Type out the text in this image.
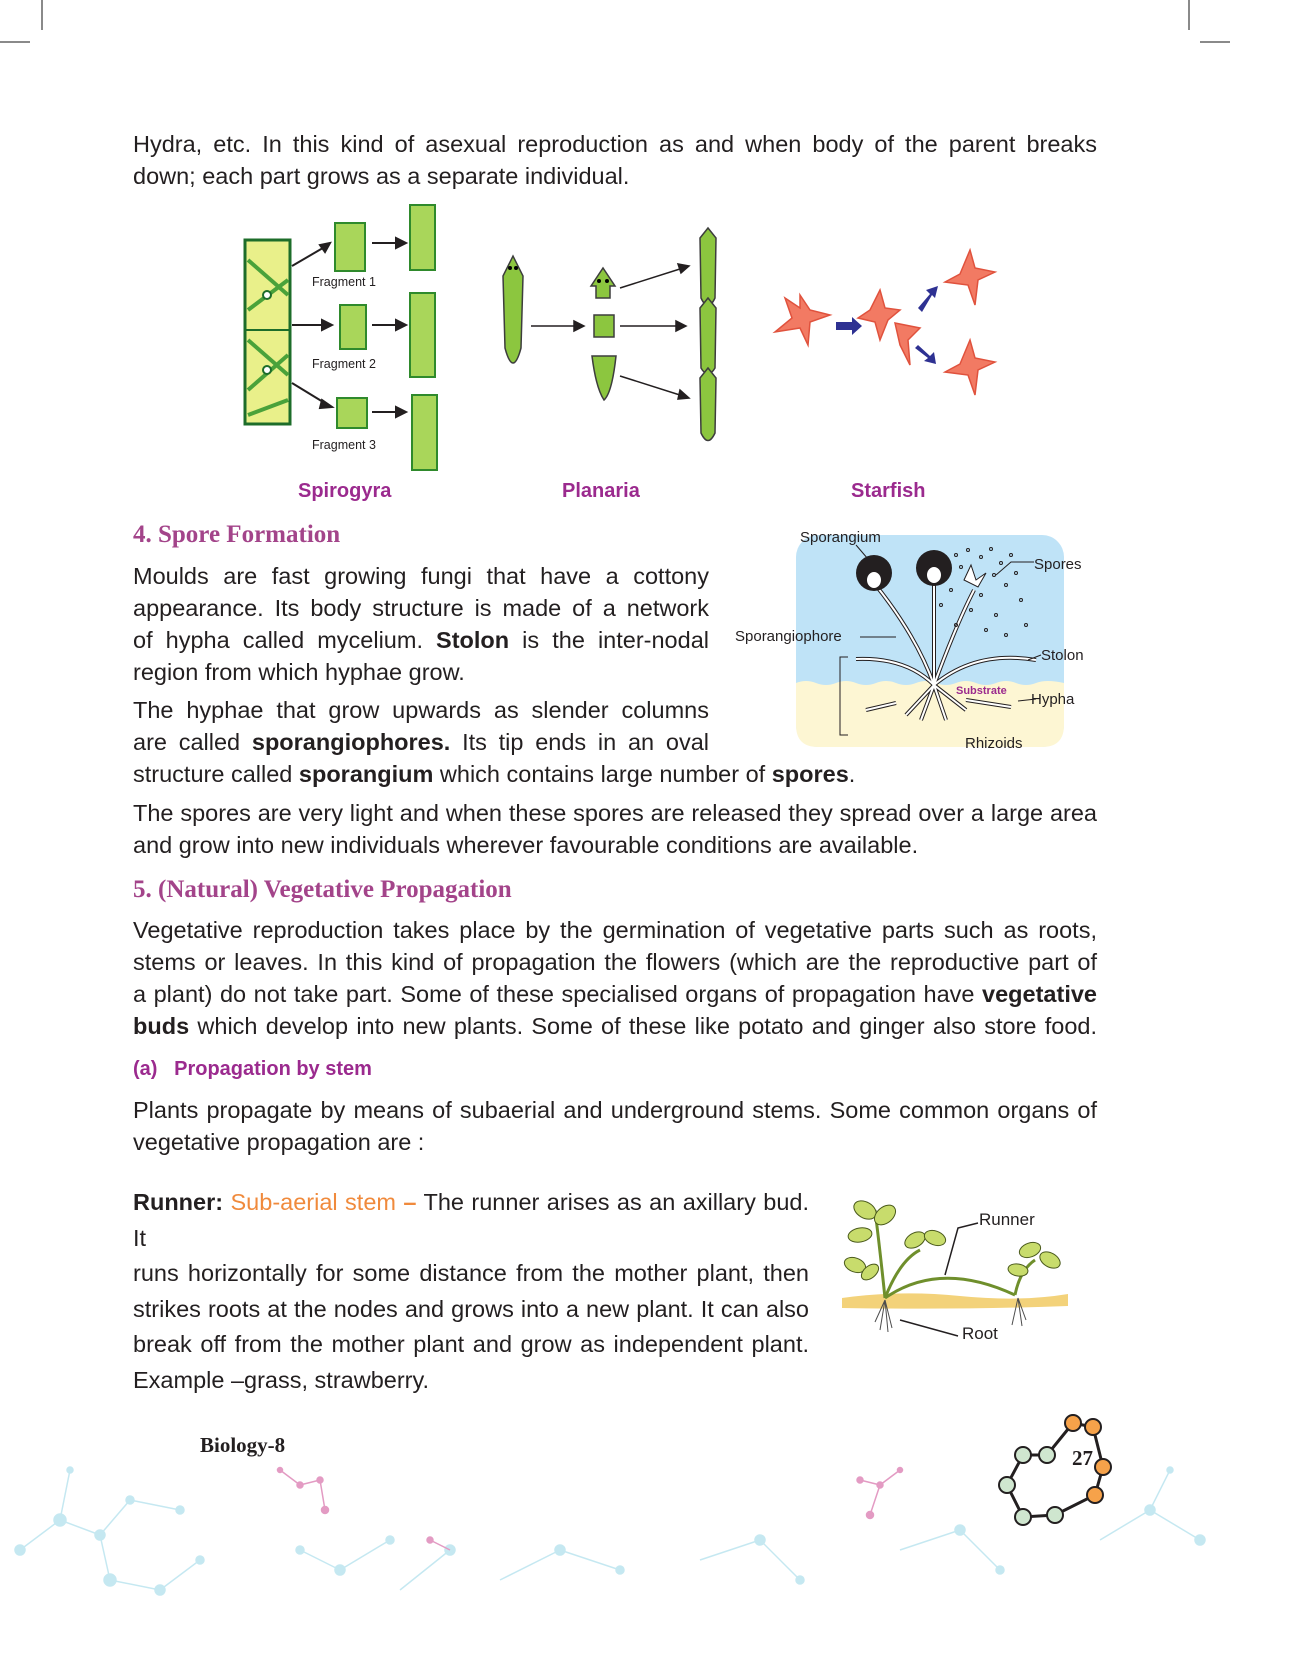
Hydra, etc. In this kind of asexual reproduction as and when body of the parent breaks
down; each part grows as a separate individual.
Fragment 1
Fragment 2
Fragment 3
Spirogyra	Planaria	Starfish
4. Spore Formation
Moulds are fast growing fungi that have a cottony
appearance. Its body structure is made of a network
of hypha called mycelium. Stolon is the inter-nodal
region from which hyphae grow.
The hyphae that grow upwards as slender columns
are called sporangiophores. Its tip ends in an oval
structure called sporangium which contains large number of spores.
The spores are very light and when these spores are released they spread over a large area
and grow into new individuals wherever favourable conditions are available.
Sporangium
Spores
Sporangiophore
Stolon
Substrate Hypha
Rhizoids
5. (Natural) Vegetative Propagation
Vegetative reproduction takes place by the germination of vegetative parts such as roots,
stems or leaves. In this kind of propagation the flowers (which are the reproductive part of
a plant) do not take part. Some of these specialised organs of propagation have vegetative
buds which develop into new plants. Some of these like potato and ginger also store food.
(a)   Propagation by stem
Plants propagate by means of subaerial and underground stems. Some common organs of
vegetative propagation are :
Runner: Sub-aerial stem – The runner arises as an axillary bud. It
runs horizontally for some distance from the mother plant, then
strikes roots at the nodes and grows into a new plant. It can also
break off from the mother plant and grow as independent plant.
Example –grass, strawberry.
Runner
Root
Biology-8
27
